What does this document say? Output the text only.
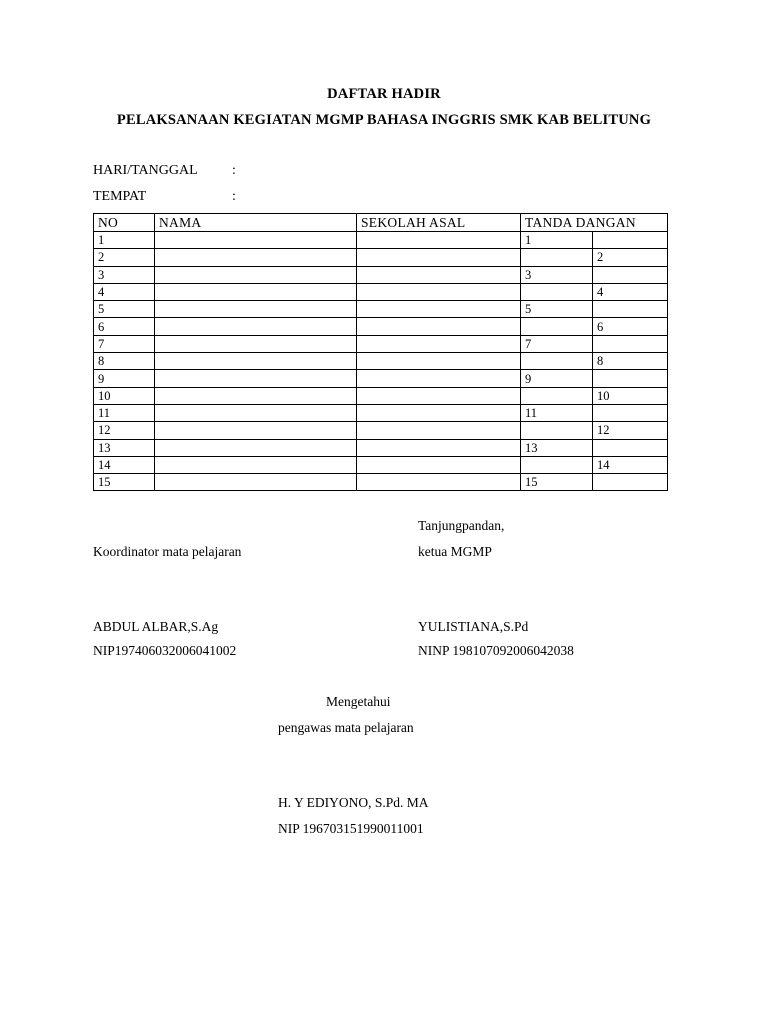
DAFTAR HADIR
PELAKSANAAN KEGIATAN MGMP BAHASA INGGRIS SMK KAB BELITUNG
HARI/TANGGAL :
TEMPAT	:
NO	NAMA	SEKOLAH ASAL	TANDA DANGAN	
1			1	
2				2
3			3	
4				4
5			5	
6				6
7			7	
8				8
9			9	
10				10
11			11	
12				12
13			13	
14				14
15			15	
Tanjungpandan,
Koordinator mata pelajaran	ketua MGMP
ABDUL ALBAR,S.Ag	YULISTIANA,S.Pd
NIP197406032006041002	NINP 198107092006042038
Mengetahui
pengawas mata pelajaran
H. Y EDIYONO, S.Pd. MA
NIP 196703151990011001
